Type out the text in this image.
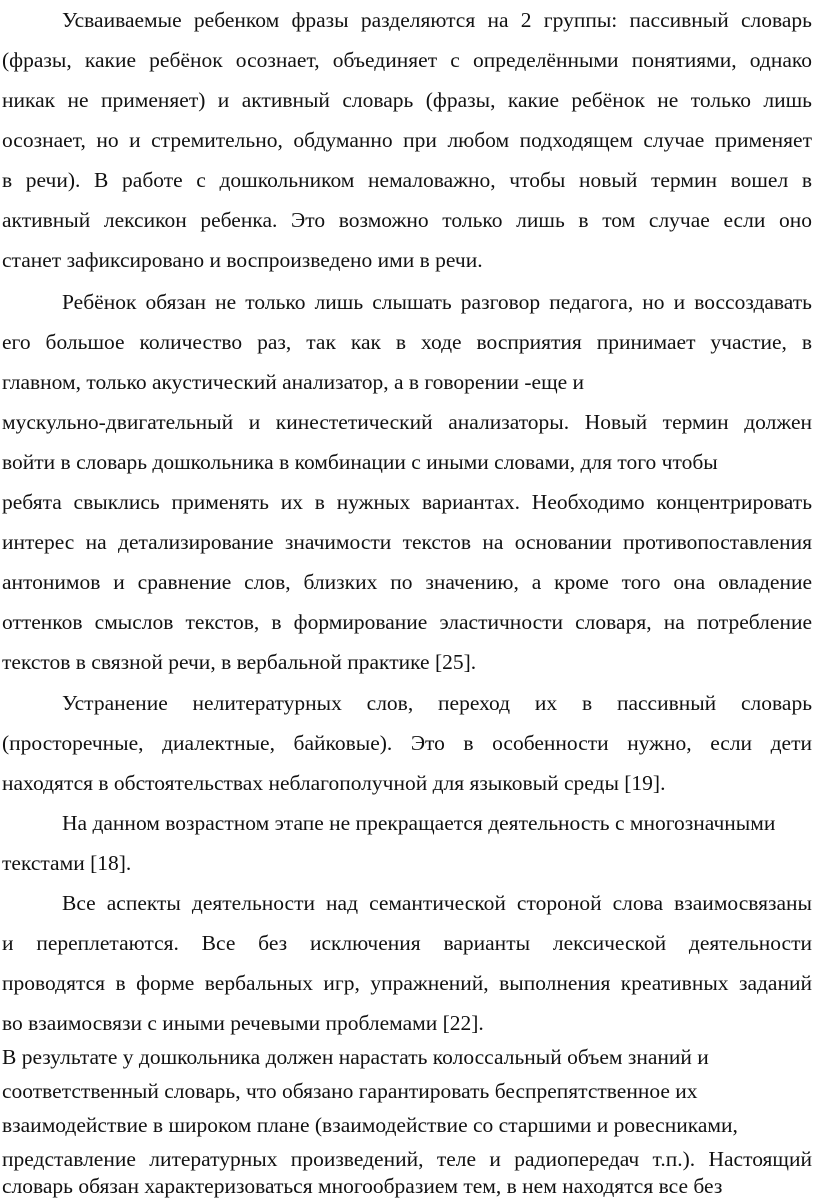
Усваиваемые ребенком фразы разделяются на 2 группы: пассивный словарь
(фразы, какие ребёнок осознает, объединяет с определёнными понятиями, однако
никак не применяет) и активный словарь (фразы, какие ребёнок не только лишь
осознает, но и стремительно, обдуманно при любом подходящем случае применяет
в речи). В работе с дошкольником немаловажно, чтобы новый термин вошел в
активный лексикон ребенка. Это возможно только лишь в том случае если оно
станет зафиксировано и воспроизведено ими в речи.
Ребёнок обязан не только лишь слышать разговор педагога, но и воссоздавать
его большое количество раз, так как в ходе восприятия принимает участие, в
главном, только акустический анализатор, а в говорении -еще и
мускульно-двигательный и кинестетический анализаторы. Новый термин должен
войти в словарь дошкольника в комбинации с иными словами, для того чтобы
ребята свыклись применять их в нужных вариантах. Необходимо концентрировать
интерес на детализирование значимости текстов на основании противопоставления
антонимов и сравнение слов, близких по значению, а кроме того она овладение
оттенков смыслов текстов, в формирование эластичности словаря, на потребление
текстов в связной речи, в вербальной практике [25].
Устранение нелитературных слов, переход их в пассивный словарь
(просторечные, диалектные, байковые). Это в особенности нужно, если дети
находятся в обстоятельствах неблагополучной для языковый среды [19].
На данном возрастном этапе не прекращается деятельность с многозначными
текстами [18].
Все аспекты деятельности над семантической стороной слова взаимосвязаны
и переплетаются. Все без исключения варианты лексической деятельности
проводятся в форме вербальных игр, упражнений, выполнения креативных заданий
во взаимосвязи с иными речевыми проблемами [22].
В результате у дошкольника должен нарастать колоссальный объем знаний и
соответственный словарь, что обязано гарантировать беспрепятственное их
взаимодействие в широком плане (взаимодействие со старшими и ровесниками,
представление литературных произведений, теле и радиопередач т.п.). Настоящий
словарь обязан характеризоваться многообразием тем, в нем находятся все без
